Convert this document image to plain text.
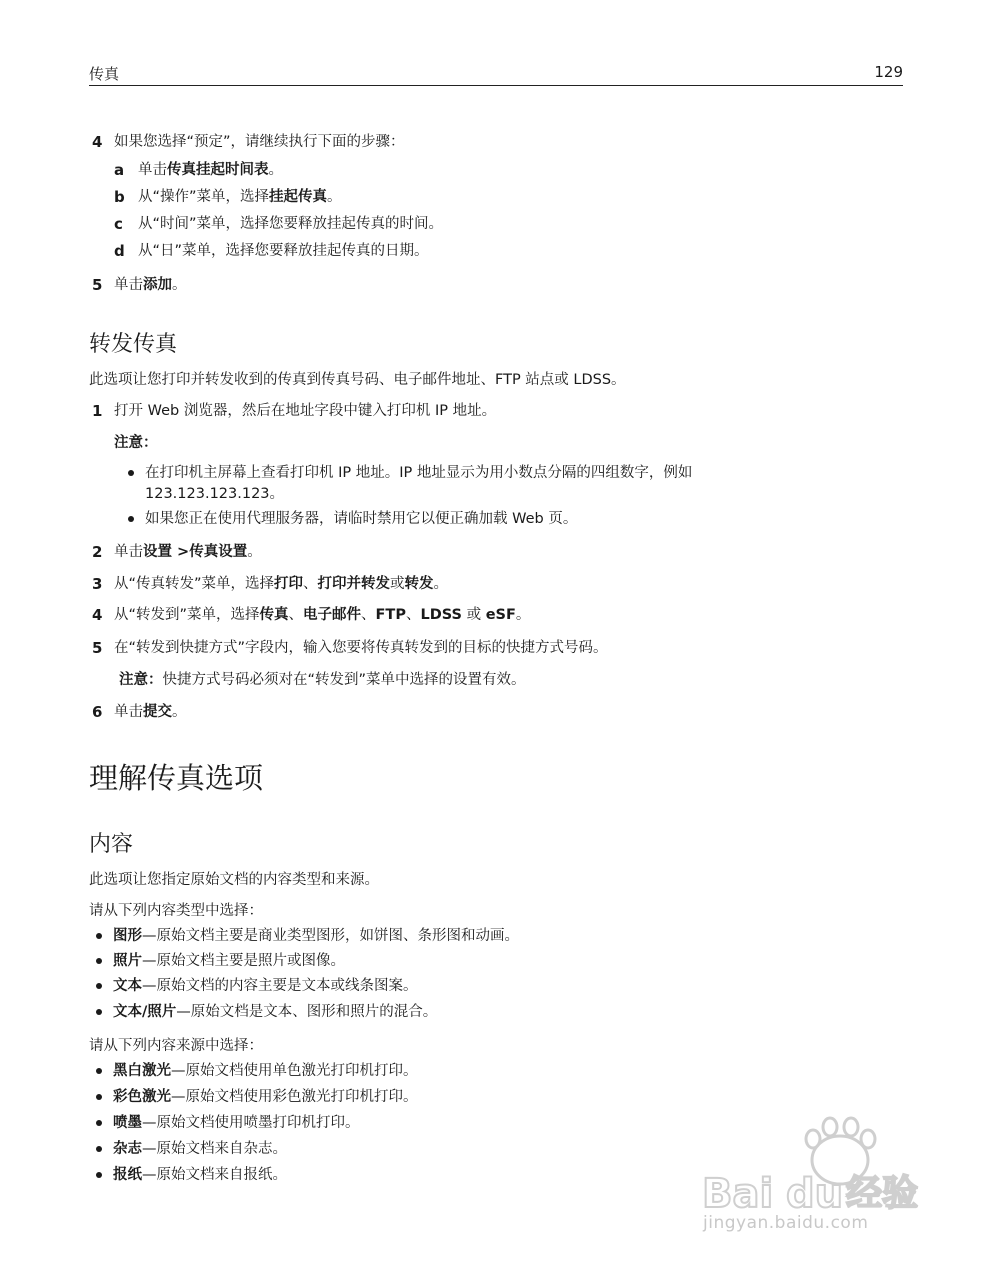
传真	129
4 如果您选择“预定”，请继续执行下面的步骤：
a 单击传真挂起时间表。
b 从“操作”菜单，选择挂起传真。
c 从“时间”菜单，选择您要释放挂起传真的时间。
d 从“日”菜单，选择您要释放挂起传真的日期。
5 单击添加。
转发传真
此选项让您打印并转发收到的传真到传真号码、电子邮件地址、FTP 站点或 LDSS。
1 打开 Web 浏览器，然后在地址字段中键入打印机 IP 地址。
注意：
在打印机主屏幕上查看打印机 IP 地址。IP 地址显示为用小数点分隔的四组数字，例如
123.123.123.123。
如果您正在使用代理服务器，请临时禁用它以便正确加载 Web 页。
2 单击设置 >传真设置。
3 从“传真转发”菜单，选择打印、打印并转发或转发。
4 从“转发到”菜单，选择传真、电子邮件、FTP、LDSS 或 eSF。
5 在“转发到快捷方式”字段内，输入您要将传真转发到的目标的快捷方式号码。
注意：快捷方式号码必须对在“转发到”菜单中选择的设置有效。
6 单击提交。
理解传真选项
内容
此选项让您指定原始文档的内容类型和来源。
请从下列内容类型中选择：
图形—原始文档主要是商业类型图形，如饼图、条形图和动画。
照片—原始文档主要是照片或图像。
文本—原始文档的内容主要是文本或线条图案。
文本/照片—原始文档是文本、图形和照片的混合。
请从下列内容来源中选择：
黑白激光—原始文档使用单色激光打印机打印。
彩色激光—原始文档使用彩色激光打印机打印。
喷墨—原始文档使用喷墨打印机打印。
杂志—原始文档来自杂志。
报纸—原始文档来自报纸。	Bai du 经验
jingyan.baidu.com
